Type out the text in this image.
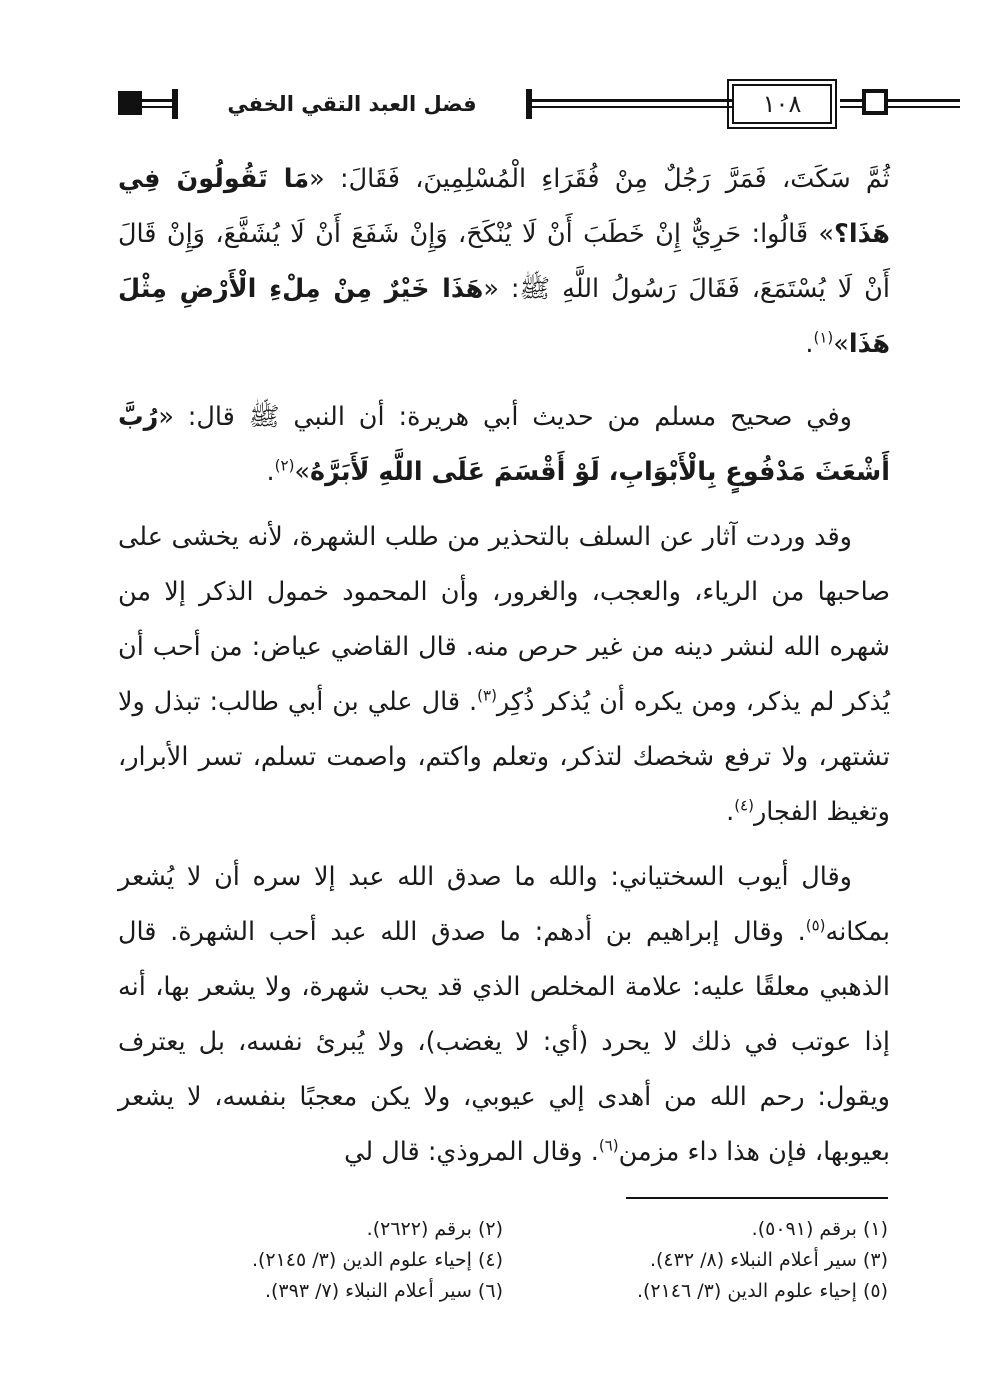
فضل العبد التقي الخفي	١٠٨

ثُمَّ سَكَتَ، فَمَرَّ رَجُلٌ مِنْ فُقَرَاءِ الْمُسْلِمِينَ، فَقَالَ: «مَا تَقُولُونَ فِي هَذَا؟» قَالُوا: حَرِيٌّ إِنْ خَطَبَ أَنْ لَا يُنْكَحَ، وَإِنْ شَفَعَ أَنْ لَا يُشَفَّعَ، وَإِنْ قَالَ أَنْ لَا يُسْتَمَعَ، فَقَالَ رَسُولُ اللَّهِ ﷺ: «هَذَا خَيْرٌ مِنْ مِلْءِ الْأَرْضِ مِثْلَ هَذَا»$^{(١)}$.

وفي صحيح مسلم من حديث أبي هريرة: أن النبي ﷺ قال: «رُبَّ أَشْعَثَ مَدْفُوعٍ بِالْأَبْوَابِ، لَوْ أَقْسَمَ عَلَى اللَّهِ لَأَبَرَّهُ»$^{(٢)}$.

وقد وردت آثار عن السلف بالتحذير من طلب الشهرة، لأنه يخشى على صاحبها من الرياء، والعجب، والغرور، وأن المحمود خمول الذكر إلا من شهره الله لنشر دينه من غير حرص منه. قال القاضي عياض: من أحب أن يُذكر لم يذكر، ومن يكره أن يُذكر ذُكِر$^{(٣)}$. قال علي بن أبي طالب: تبذل ولا تشتهر، ولا ترفع شخصك لتذكر، وتعلم واكتم، واصمت تسلم، تسر الأبرار، وتغيظ الفجار$^{(٤)}$.

وقال أيوب السختياني: والله ما صدق الله عبد إلا سره أن لا يُشعر بمكانه$^{(٥)}$. وقال إبراهيم بن أدهم: ما صدق الله عبد أحب الشهرة. قال الذهبي معلقًا عليه: علامة المخلص الذي قد يحب شهرة، ولا يشعر بها، أنه إذا عوتب في ذلك لا يحرد (أي: لا يغضب)، ولا يُبرئ نفسه، بل يعترف ويقول: رحم الله من أهدى إلي عيوبي، ولا يكن معجبًا بنفسه، لا يشعر بعيوبها، فإن هذا داء مزمن$^{(٦)}$. وقال المروذي: قال لي

(١) برقم (٥٠٩١).
(٢) برقم (٢٦٢٢).
(٣) سير أعلام النبلاء (٨/ ٤٣٢).
(٤) إحياء علوم الدين (٣/ ٢١٤٥).
(٥) إحياء علوم الدين (٣/ ٢١٤٦).
(٦) سير أعلام النبلاء (٧/ ٣٩٣).
